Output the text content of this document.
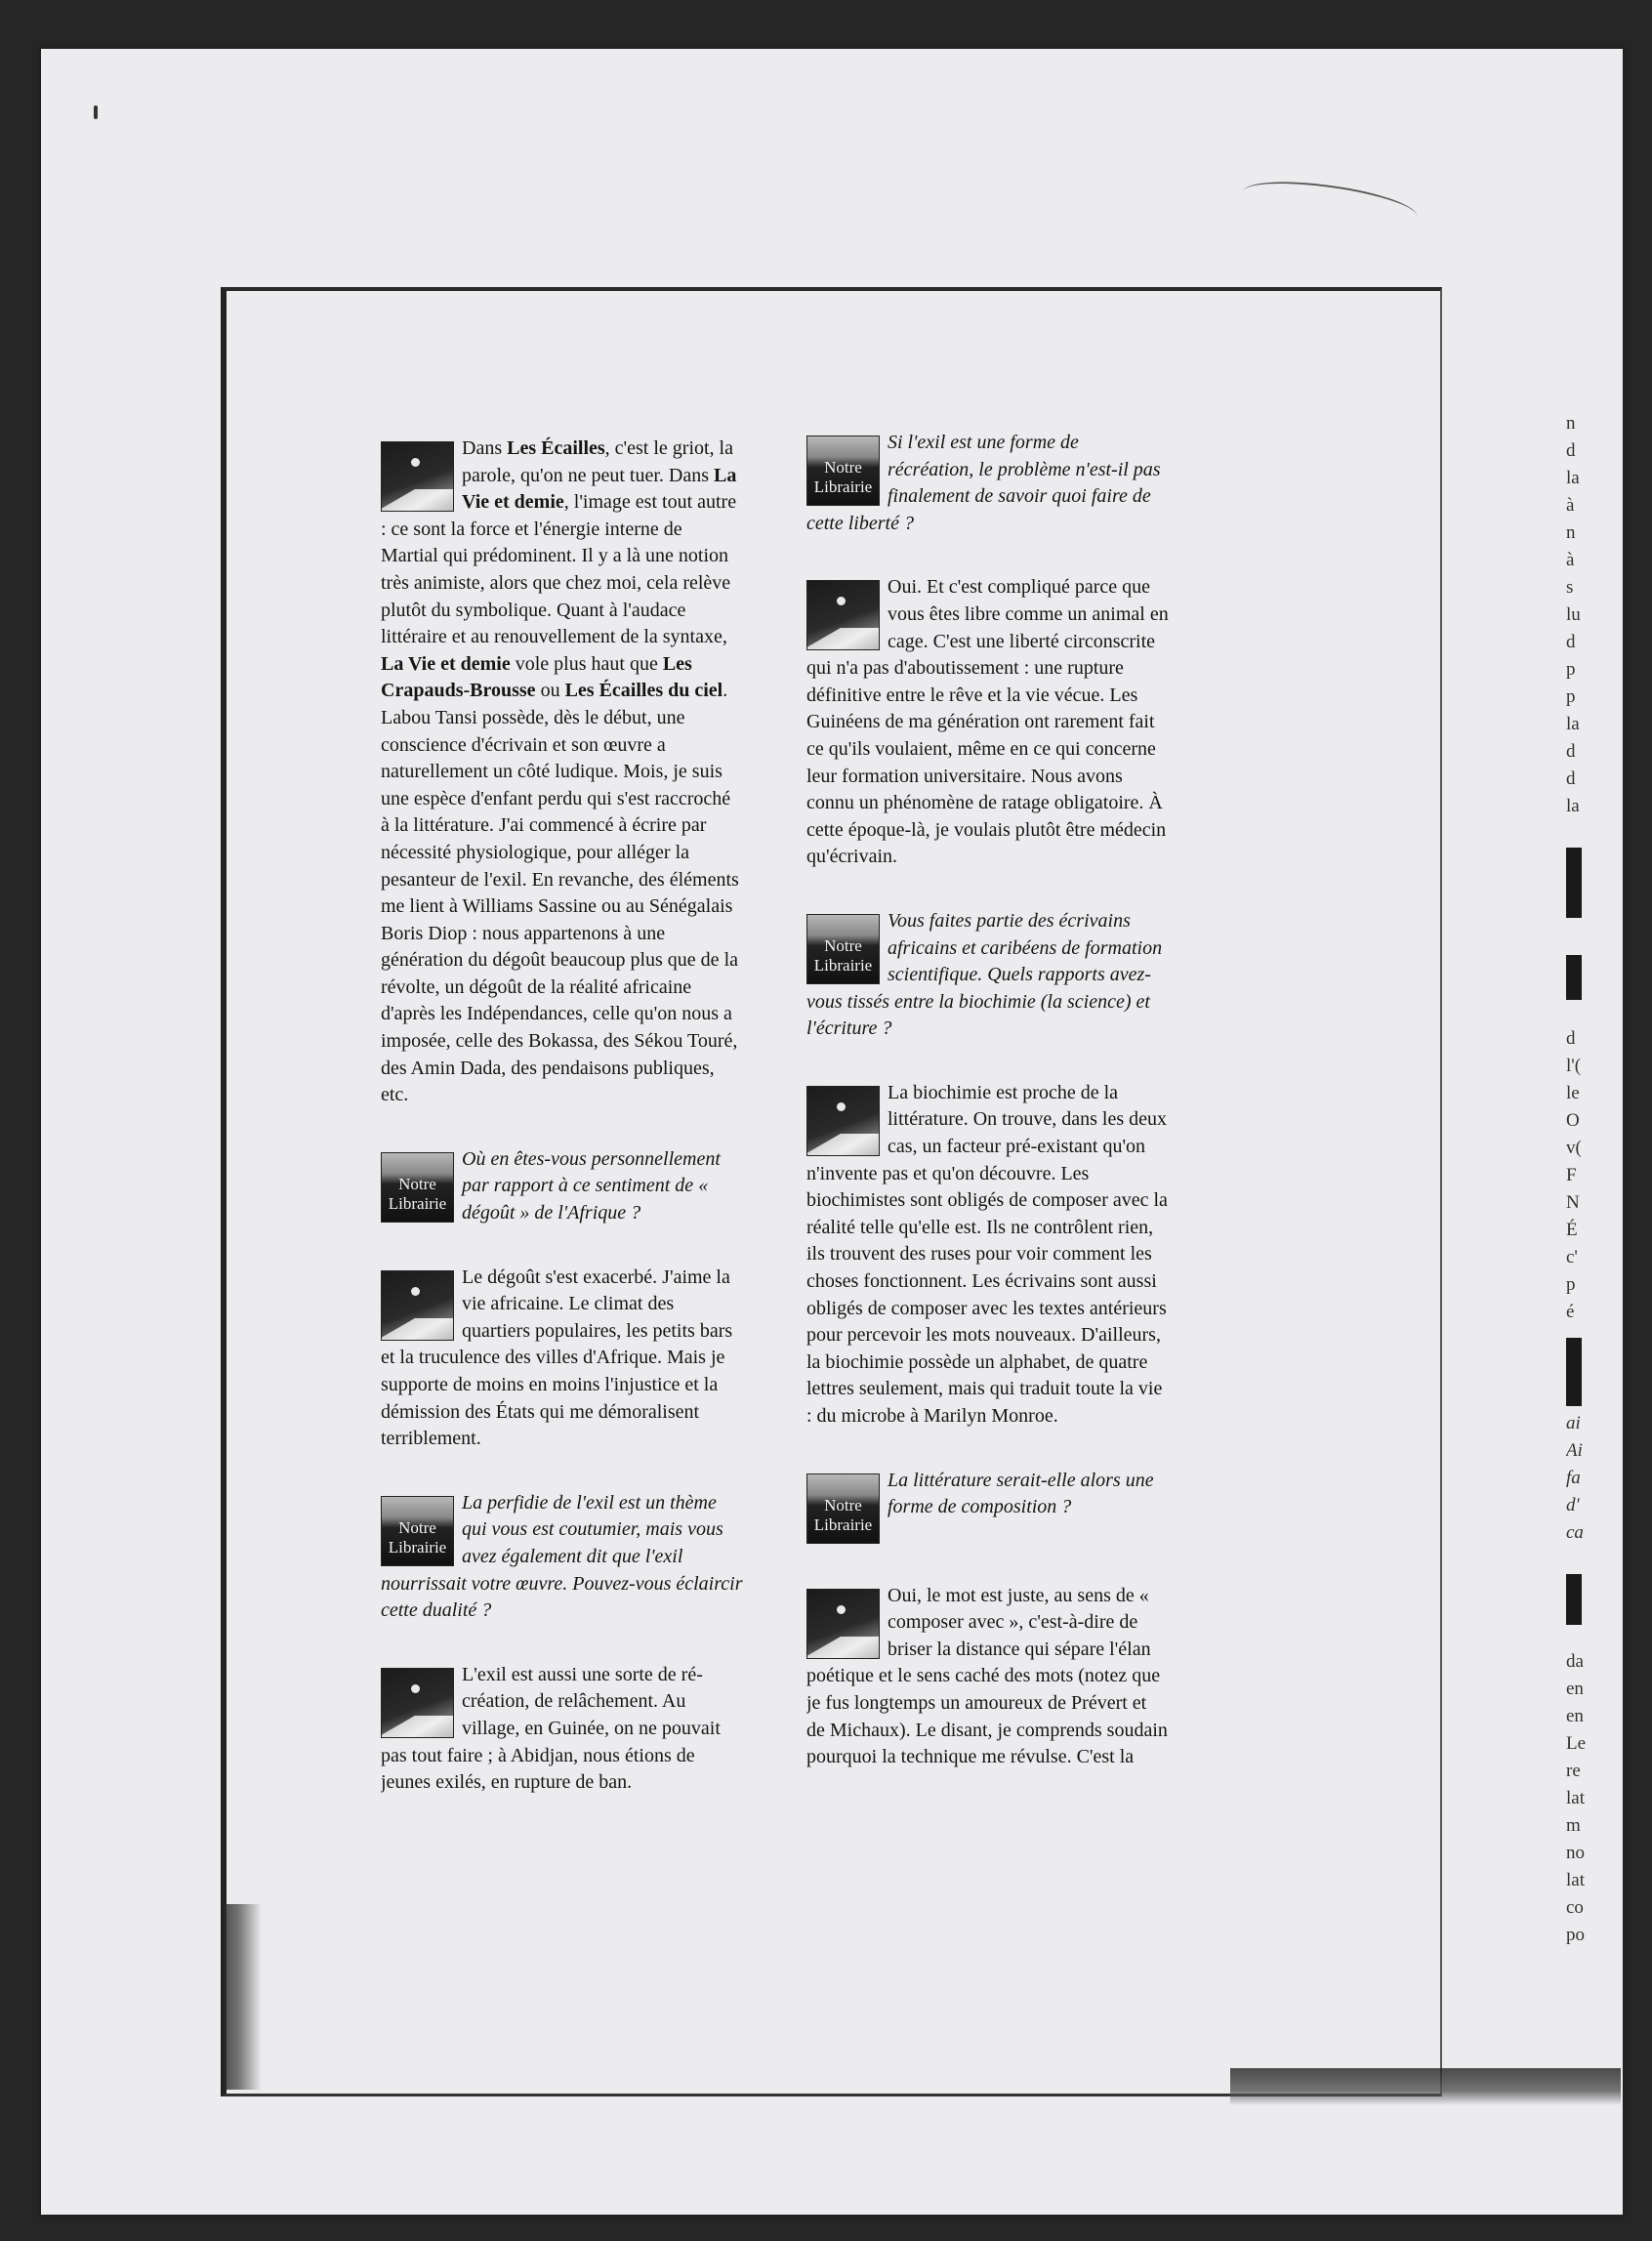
Dans Les Écailles, c'est le griot, la parole, qu'on ne peut tuer. Dans La Vie et demie, l'image est tout autre : ce sont la force et l'énergie interne de Martial qui prédominent. Il y a là une notion très animiste, alors que chez moi, cela relève plutôt du symbolique. Quant à l'audace littéraire et au renouvellement de la syntaxe, La Vie et demie vole plus haut que Les Crapauds-Brousse ou Les Écailles du ciel. Labou Tansi possède, dès le début, une conscience d'écrivain et son œuvre a naturellement un côté ludique. Mois, je suis une espèce d'enfant perdu qui s'est raccroché à la littérature. J'ai commencé à écrire par nécessité physiologique, pour alléger la pesanteur de l'exil. En revanche, des éléments me lient à Williams Sassine ou au Sénégalais Boris Diop : nous appartenons à une génération du dégoût beaucoup plus que de la révolte, un dégoût de la réalité africaine d'après les Indépendances, celle qu'on nous a imposée, celle des Bokassa, des Sékou Touré, des Amin Dada, des pendaisons publiques, etc.

Notre
Librairie

Où en êtes-vous personnellement par rapport à ce sentiment de « dégoût » de l'Afrique ?

Le dégoût s'est exacerbé. J'aime la vie africaine. Le climat des quartiers populaires, les petits bars et la truculence des villes d'Afrique. Mais je supporte de moins en moins l'injustice et la démission des États qui me démoralisent terriblement.

Notre
Librairie

La perfidie de l'exil est un thème qui vous est coutumier, mais vous avez également dit que l'exil nourrissait votre œuvre. Pouvez-vous éclaircir cette dualité ?

L'exil est aussi une sorte de ré-création, de relâchement. Au village, en Guinée, on ne pouvait pas tout faire ; à Abidjan, nous étions de jeunes exilés, en rupture de ban.

Notre
Librairie

Si l'exil est une forme de récréation, le problème n'est-il pas finalement de savoir quoi faire de cette liberté ?

Oui. Et c'est compliqué parce que vous êtes libre comme un animal en cage. C'est une liberté circonscrite qui n'a pas d'aboutissement : une rupture définitive entre le rêve et la vie vécue. Les Guinéens de ma génération ont rarement fait ce qu'ils voulaient, même en ce qui concerne leur formation universitaire. Nous avons connu un phénomène de ratage obligatoire. À cette époque-là, je voulais plutôt être médecin qu'écrivain.

Notre
Librairie

Vous faites partie des écrivains africains et caribéens de formation scientifique. Quels rapports avez-vous tissés entre la biochimie (la science) et l'écriture ?

La biochimie est proche de la littérature. On trouve, dans les deux cas, un facteur pré-existant qu'on n'invente pas et qu'on découvre. Les biochimistes sont obligés de composer avec la réalité telle qu'elle est. Ils ne contrôlent rien, ils trouvent des ruses pour voir comment les choses fonctionnent. Les écrivains sont aussi obligés de composer avec les textes antérieurs pour percevoir les mots nouveaux. D'ailleurs, la biochimie possède un alphabet, de quatre lettres seulement, mais qui traduit toute la vie : du microbe à Marilyn Monroe.

Notre
Librairie

La littérature serait-elle alors une forme de composition ?

Oui, le mot est juste, au sens de « composer avec », c'est-à-dire de briser la distance qui sépare l'élan poétique et le sens caché des mots (notez que je fus longtemps un amoureux de Prévert et de Michaux). Le disant, je comprends soudain pourquoi la technique me révulse. C'est la

n
d
la
à
n
à
s
lu
d
p
p
la
d
d
la
d
l'(
le
O
v(
F
N
É
c'
p
é
ai
Ai
fa
d'
ca
da
en
en
Le
re
lat
m
no
lat
co
po
